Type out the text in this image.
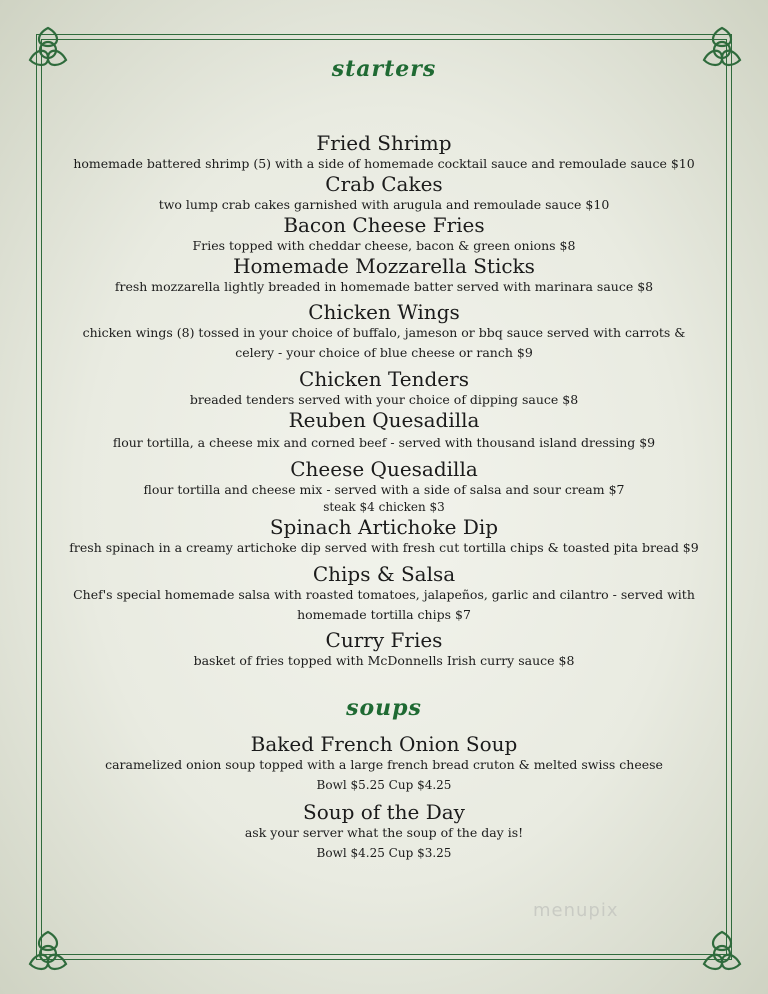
starters

Fried Shrimp

homemade battered shrimp (5) with a side of homemade cocktail sauce and remoulade sauce $10

Crab Cakes

two lump crab cakes garnished with arugula and remoulade sauce $10

Bacon Cheese Fries

Fries topped with cheddar cheese, bacon & green onions $8

Homemade Mozzarella Sticks

fresh mozzarella lightly breaded in homemade batter served with marinara sauce $8

Chicken Wings

chicken wings (8) tossed in your choice of buffalo, jameson or bbq sauce served with carrots & celery - your choice of blue cheese or ranch $9

Chicken Tenders

breaded tenders served with your choice of dipping sauce $8

Reuben Quesadilla

flour tortilla, a cheese mix and corned beef - served with thousand island dressing $9

Cheese Quesadilla

flour tortilla and cheese mix - served with a side of salsa and sour cream $7

steak $4 chicken $3

Spinach Artichoke Dip

fresh spinach in a creamy artichoke dip served with fresh cut tortilla chips & toasted pita bread $9

Chips & Salsa

Chef's special homemade salsa with roasted tomatoes, jalapeños, garlic and cilantro - served with homemade tortilla chips $7

Curry Fries

basket of fries topped with McDonnells Irish curry sauce $8

soups

Baked French Onion Soup

caramelized onion soup topped with a large french bread cruton & melted swiss cheese

Bowl $5.25 Cup $4.25

Soup of the Day

ask your server what the soup of the day is!

Bowl $4.25 Cup $3.25

menupix
